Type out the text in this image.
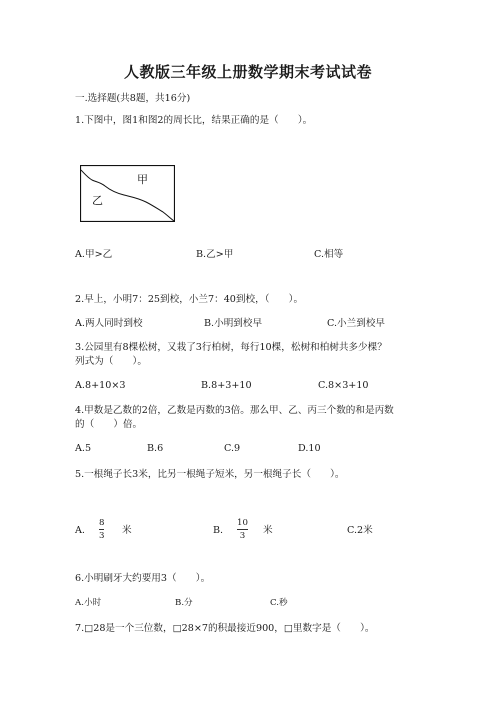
人教版三年级上册数学期末考试试卷
一.选择题(共8题，共16分)
1.下图中，图1和图2的周长比，结果正确的是（　　）。
甲
乙
A.甲>乙	B.乙>甲	C.相等
2.早上，小明7：25到校，小兰7：40到校，（　　）。
A.两人同时到校	B.小明到校早	C.小兰到校早
3.公园里有8棵松树，又栽了3行柏树，每行10棵，松树和柏树共多少棵？
列式为（　　）。
A.8+10×3	B.8+3+10	C.8×3+10
4.甲数是乙数的2倍，乙数是丙数的3倍。那么甲、乙、丙三个数的和是丙数
的（　　）倍。
A.5	B.6	C.9	D.10
5.一根绳子长3米，比另一根绳子短米，另一根绳子长（　　）。
A.
8
3 米	B.
10
3 米	C.2米
6.小明刷牙大约要用3（　　）。
A.小时	B.分	C.秒
7.□28是一个三位数，□28×7的积最接近900，□里数字是（　　）。
